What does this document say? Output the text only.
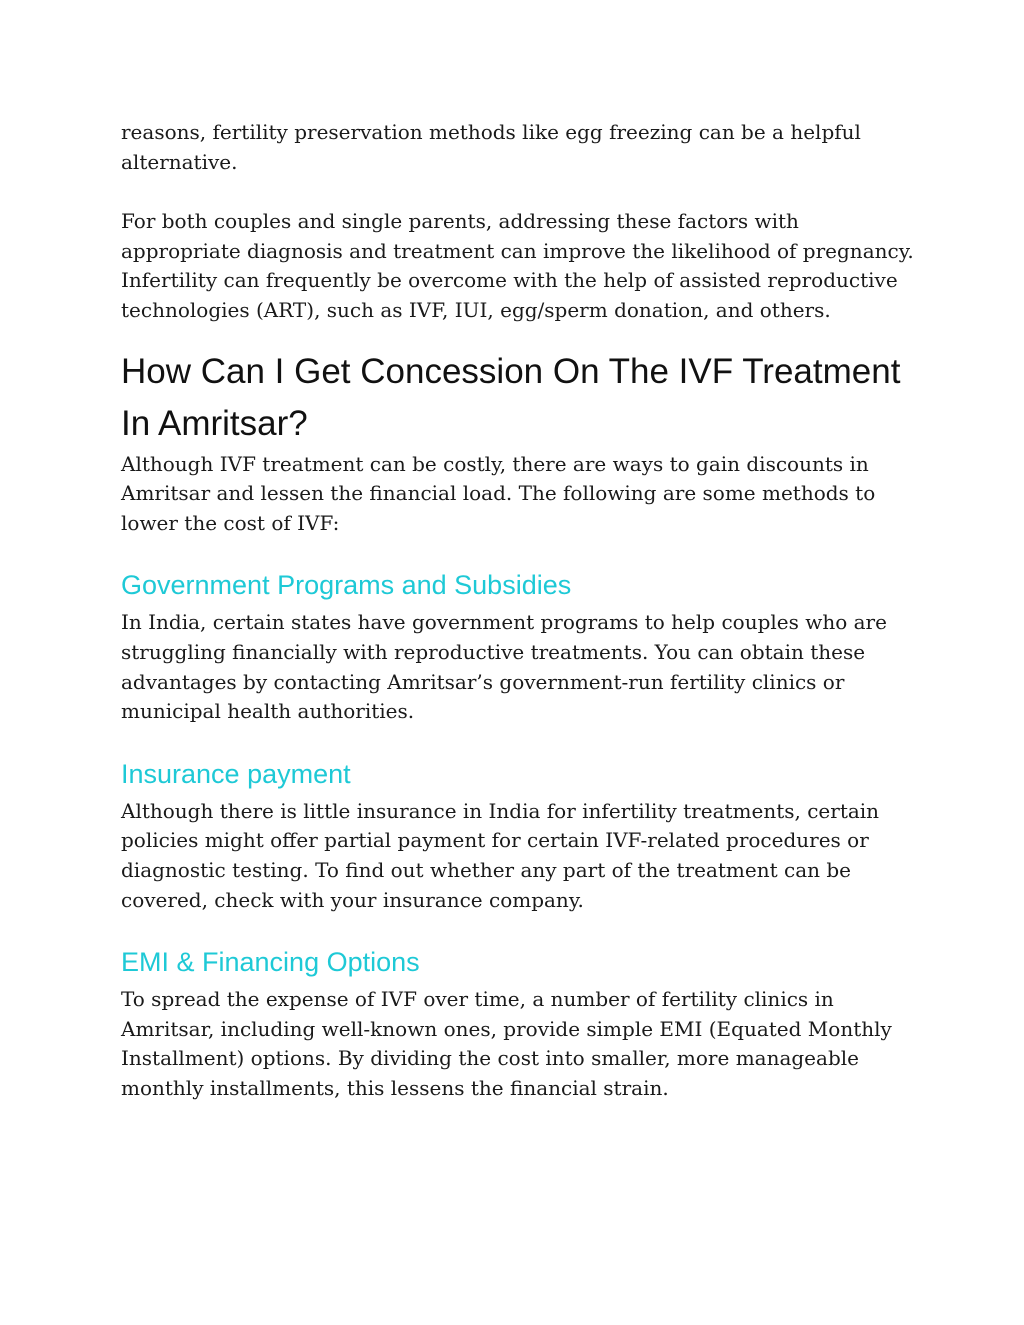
reasons, fertility preservation methods like egg freezing can be a helpful alternative.

For both couples and single parents, addressing these factors with appropriate diagnosis and treatment can improve the likelihood of pregnancy. Infertility can frequently be overcome with the help of assisted reproductive technologies (ART), such as IVF, IUI, egg/sperm donation, and others.

How Can I Get Concession On The IVF Treatment In Amritsar?

Although IVF treatment can be costly, there are ways to gain discounts in Amritsar and lessen the financial load. The following are some methods to lower the cost of IVF:

Government Programs and Subsidies

In India, certain states have government programs to help couples who are struggling financially with reproductive treatments. You can obtain these advantages by contacting Amritsar’s government-run fertility clinics or municipal health authorities.

Insurance payment

Although there is little insurance in India for infertility treatments, certain policies might offer partial payment for certain IVF-related procedures or diagnostic testing. To find out whether any part of the treatment can be covered, check with your insurance company.

EMI & Financing Options

To spread the expense of IVF over time, a number of fertility clinics in Amritsar, including well-known ones, provide simple EMI (Equated Monthly Installment) options. By dividing the cost into smaller, more manageable monthly installments, this lessens the financial strain.
